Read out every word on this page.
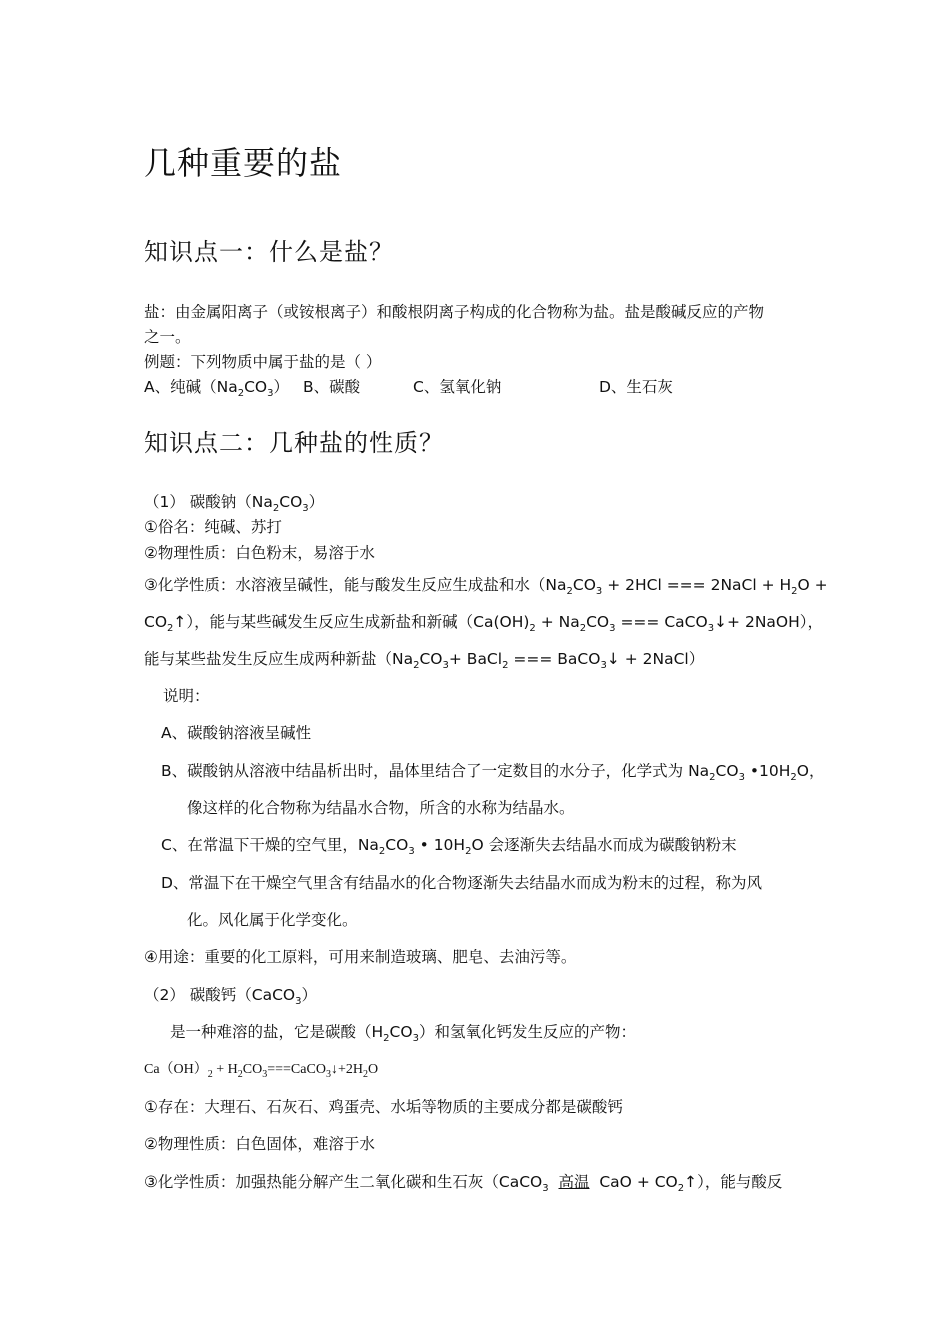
几种重要的盐
知识点一：什么是盐？
盐：由金属阳离子（或铵根离子）和酸根阴离子构成的化合物称为盐。盐是酸碱反应的产物
之一。
例题：下列物质中属于盐的是（ ）
A、纯碱$(Na_2CO_3)$ B、碳酸	C、氢氧化钠	D、生石灰
知识点二：几种盐的性质？
（1） 碳酸钠$(Na_2CO_3)$
①俗名：纯碱、苏打
②物理性质：白色粉末，易溶于水
③化学性质：水溶液呈碱性，能与酸发生反应生成盐和水（$Na_2CO_3 + 2HCl$ === 2NaCl + $H_2O$ +
$CO_2↑$），能与某些碱发生反应生成新盐和新碱（$Ca(OH)_2 + Na_2CO_3$ === CaCO$_3$↓+ 2NaOH），
能与某些盐发生反应生成两种新盐（$Na_2CO_3+$ BaCl$_2$ === BaCO$_3$↓ + 2NaCl）
说明：
A、碳酸钠溶液呈碱性
B、碳酸钠从溶液中结晶析出时，晶体里结合了一定数目的水分子，化学式为 $Na_2CO_3$ $•10H_2O$，
像这样的化合物称为结晶水合物，所含的水称为结晶水。
C、在常温下干燥的空气里，$Na_2CO_3$ • $10H_2O$ 会逐渐失去结晶水而成为碳酸钠粉末
D、常温下在干燥空气里含有结晶水的化合物逐渐失去结晶水而成为粉末的过程，称为风
化。风化属于化学变化。
④用途：重要的化工原料，可用来制造玻璃、肥皂、去油污等。
（2） 碳酸钙（CaCO$_3$）
是一种难溶的盐，它是碳酸$(H_2CO_3)$和氢氧化钙发生反应的产物：
$Ca(OH)_2$ + $H_2CO_3===CaCO_3↓+2H_2O$
①存在：大理石、石灰石、鸡蛋壳、水垢等物质的主要成分都是碳酸钙
②物理性质：白色固体，难溶于水
③化学性质：加强热能分解产生二氧化碳和生石灰（CaCO$_3$ 高温  CaO + $CO_2↑$），能与酸反
